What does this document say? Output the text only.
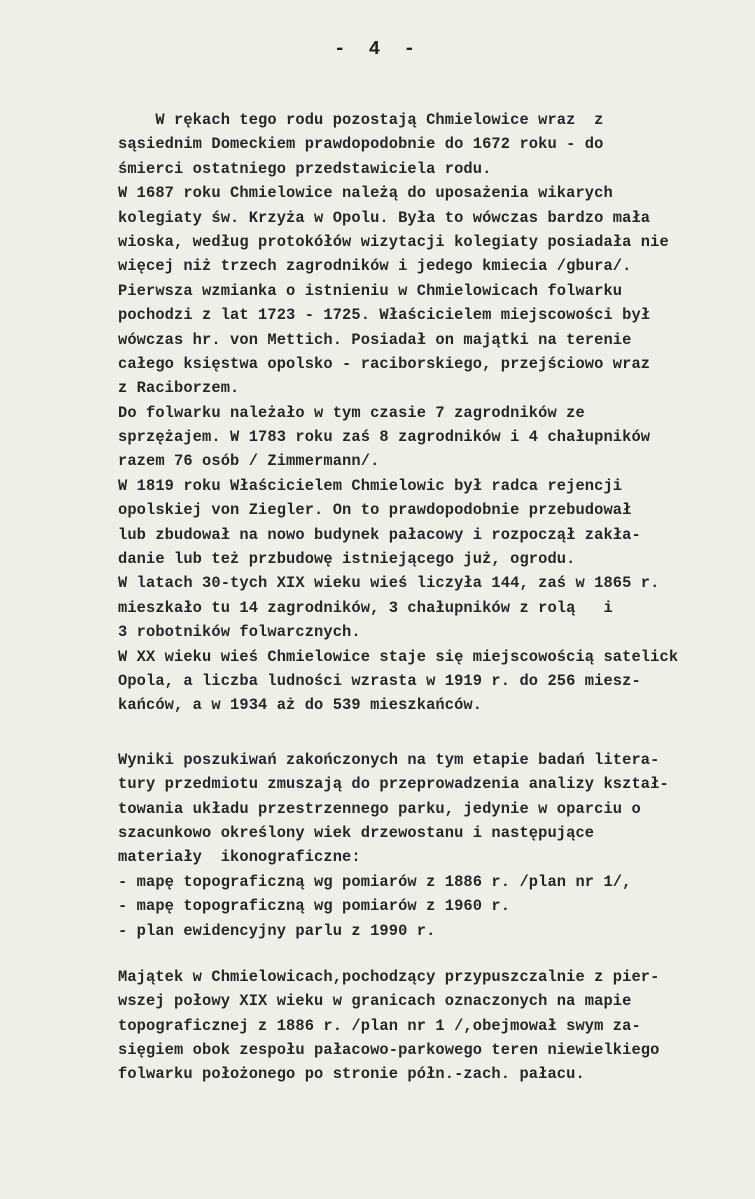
- 4 -
W rękach tego rodu pozostają Chmielowice wraz  z
sąsiednim Domeckiem prawdopodobnie do 1672 roku - do
śmierci ostatniego przedstawiciela rodu.
W 1687 roku Chmielowice należą do uposażenia wikarych
kolegiaty św. Krzyża w Opolu. Była to wówczas bardzo mała
wioska, według protokółów wizytacji kolegiaty posiadała nie
więcej niż trzech zagrodników i jedego kmiecia /gbura/.
Pierwsza wzmianka o istnieniu w Chmielowicach folwarku
pochodzi z lat 1723 - 1725. Właścicielem miejscowości był
wówczas hr. von Mettich. Posiadał on majątki na terenie
całego księstwa opolsko - raciborskiego, przejściowo wraz
z Raciborzem.
Do folwarku należało w tym czasie 7 zagrodników ze
sprzężajem. W 1783 roku zaś 8 zagrodników i 4 chałupników
razem 76 osób / Zimmermann/.
W 1819 roku Właścicielem Chmielowic był radca rejencji
opolskiej von Ziegler. On to prawdopodobnie przebudował
lub zbudował na nowo budynek pałacowy i rozpoczął zakła-
danie lub też przbudowę istniejącego już, ogrodu.
W latach 30-tych XIX wieku wieś liczyła 144, zaś w 1865 r.
mieszkało tu 14 zagrodników, 3 chałupników z rolą   i
3 robotników folwarcznych.
W XX wieku wieś Chmielowice staje się miejscowością satelick
Opola, a liczba ludności wzrasta w 1919 r. do 256 miesz-
kańców, a w 1934 aż do 539 mieszkańców.
Wyniki poszukiwań zakończonych na tym etapie badań litera-
tury przedmiotu zmuszają do przeprowadzenia analizy kształ-
towania układu przestrzennego parku, jedynie w oparciu o
szacunkowo określony wiek drzewostanu i następujące
materiały  ikonograficzne:
- mapę topograficzną wg pomiarów z 1886 r. /plan nr 1/,
- mapę topograficzną wg pomiarów z 1960 r.
- plan ewidencyjny parlu z 1990 r.
Majątek w Chmielowicach,pochodzący przypuszczalnie z pier-
wszej połowy XIX wieku w granicach oznaczonych na mapie
topograficznej z 1886 r. /plan nr 1 /,obejmował swym za-
sięgiem obok zespołu pałacowo-parkowego teren niewielkiego
folwarku położonego po stronie półn.-zach. pałacu.
